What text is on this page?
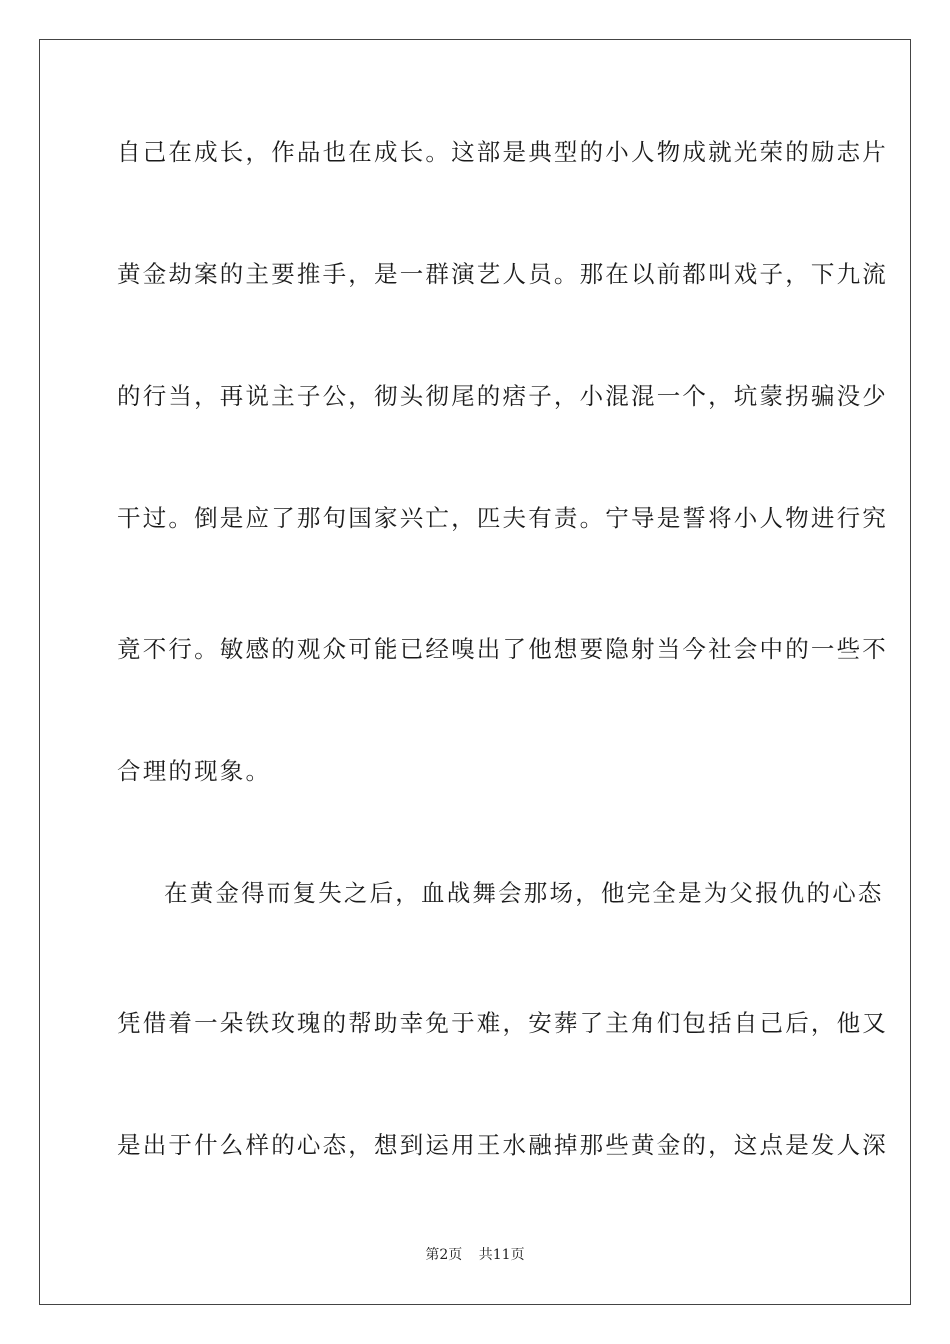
自己在成长，作品也在成长。这部是典型的小人物成就光荣的励志片
黄金劫案的主要推手，是一群演艺人员。那在以前都叫戏子，下九流
的行当，再说主子公，彻头彻尾的痞子，小混混一个，坑蒙拐骗没少
干过。倒是应了那句国家兴亡，匹夫有责。宁导是誓将小人物进行究
竟不行。敏感的观众可能已经嗅出了他想要隐射当今社会中的一些不
合理的现象。
在黄金得而复失之后，血战舞会那场，他完全是为父报仇的心态
凭借着一朵铁玫瑰的帮助幸免于难，安葬了主角们包括自己后，他又
是出于什么样的心态，想到运用王水融掉那些黄金的，这点是发人深
第2页 共11页
